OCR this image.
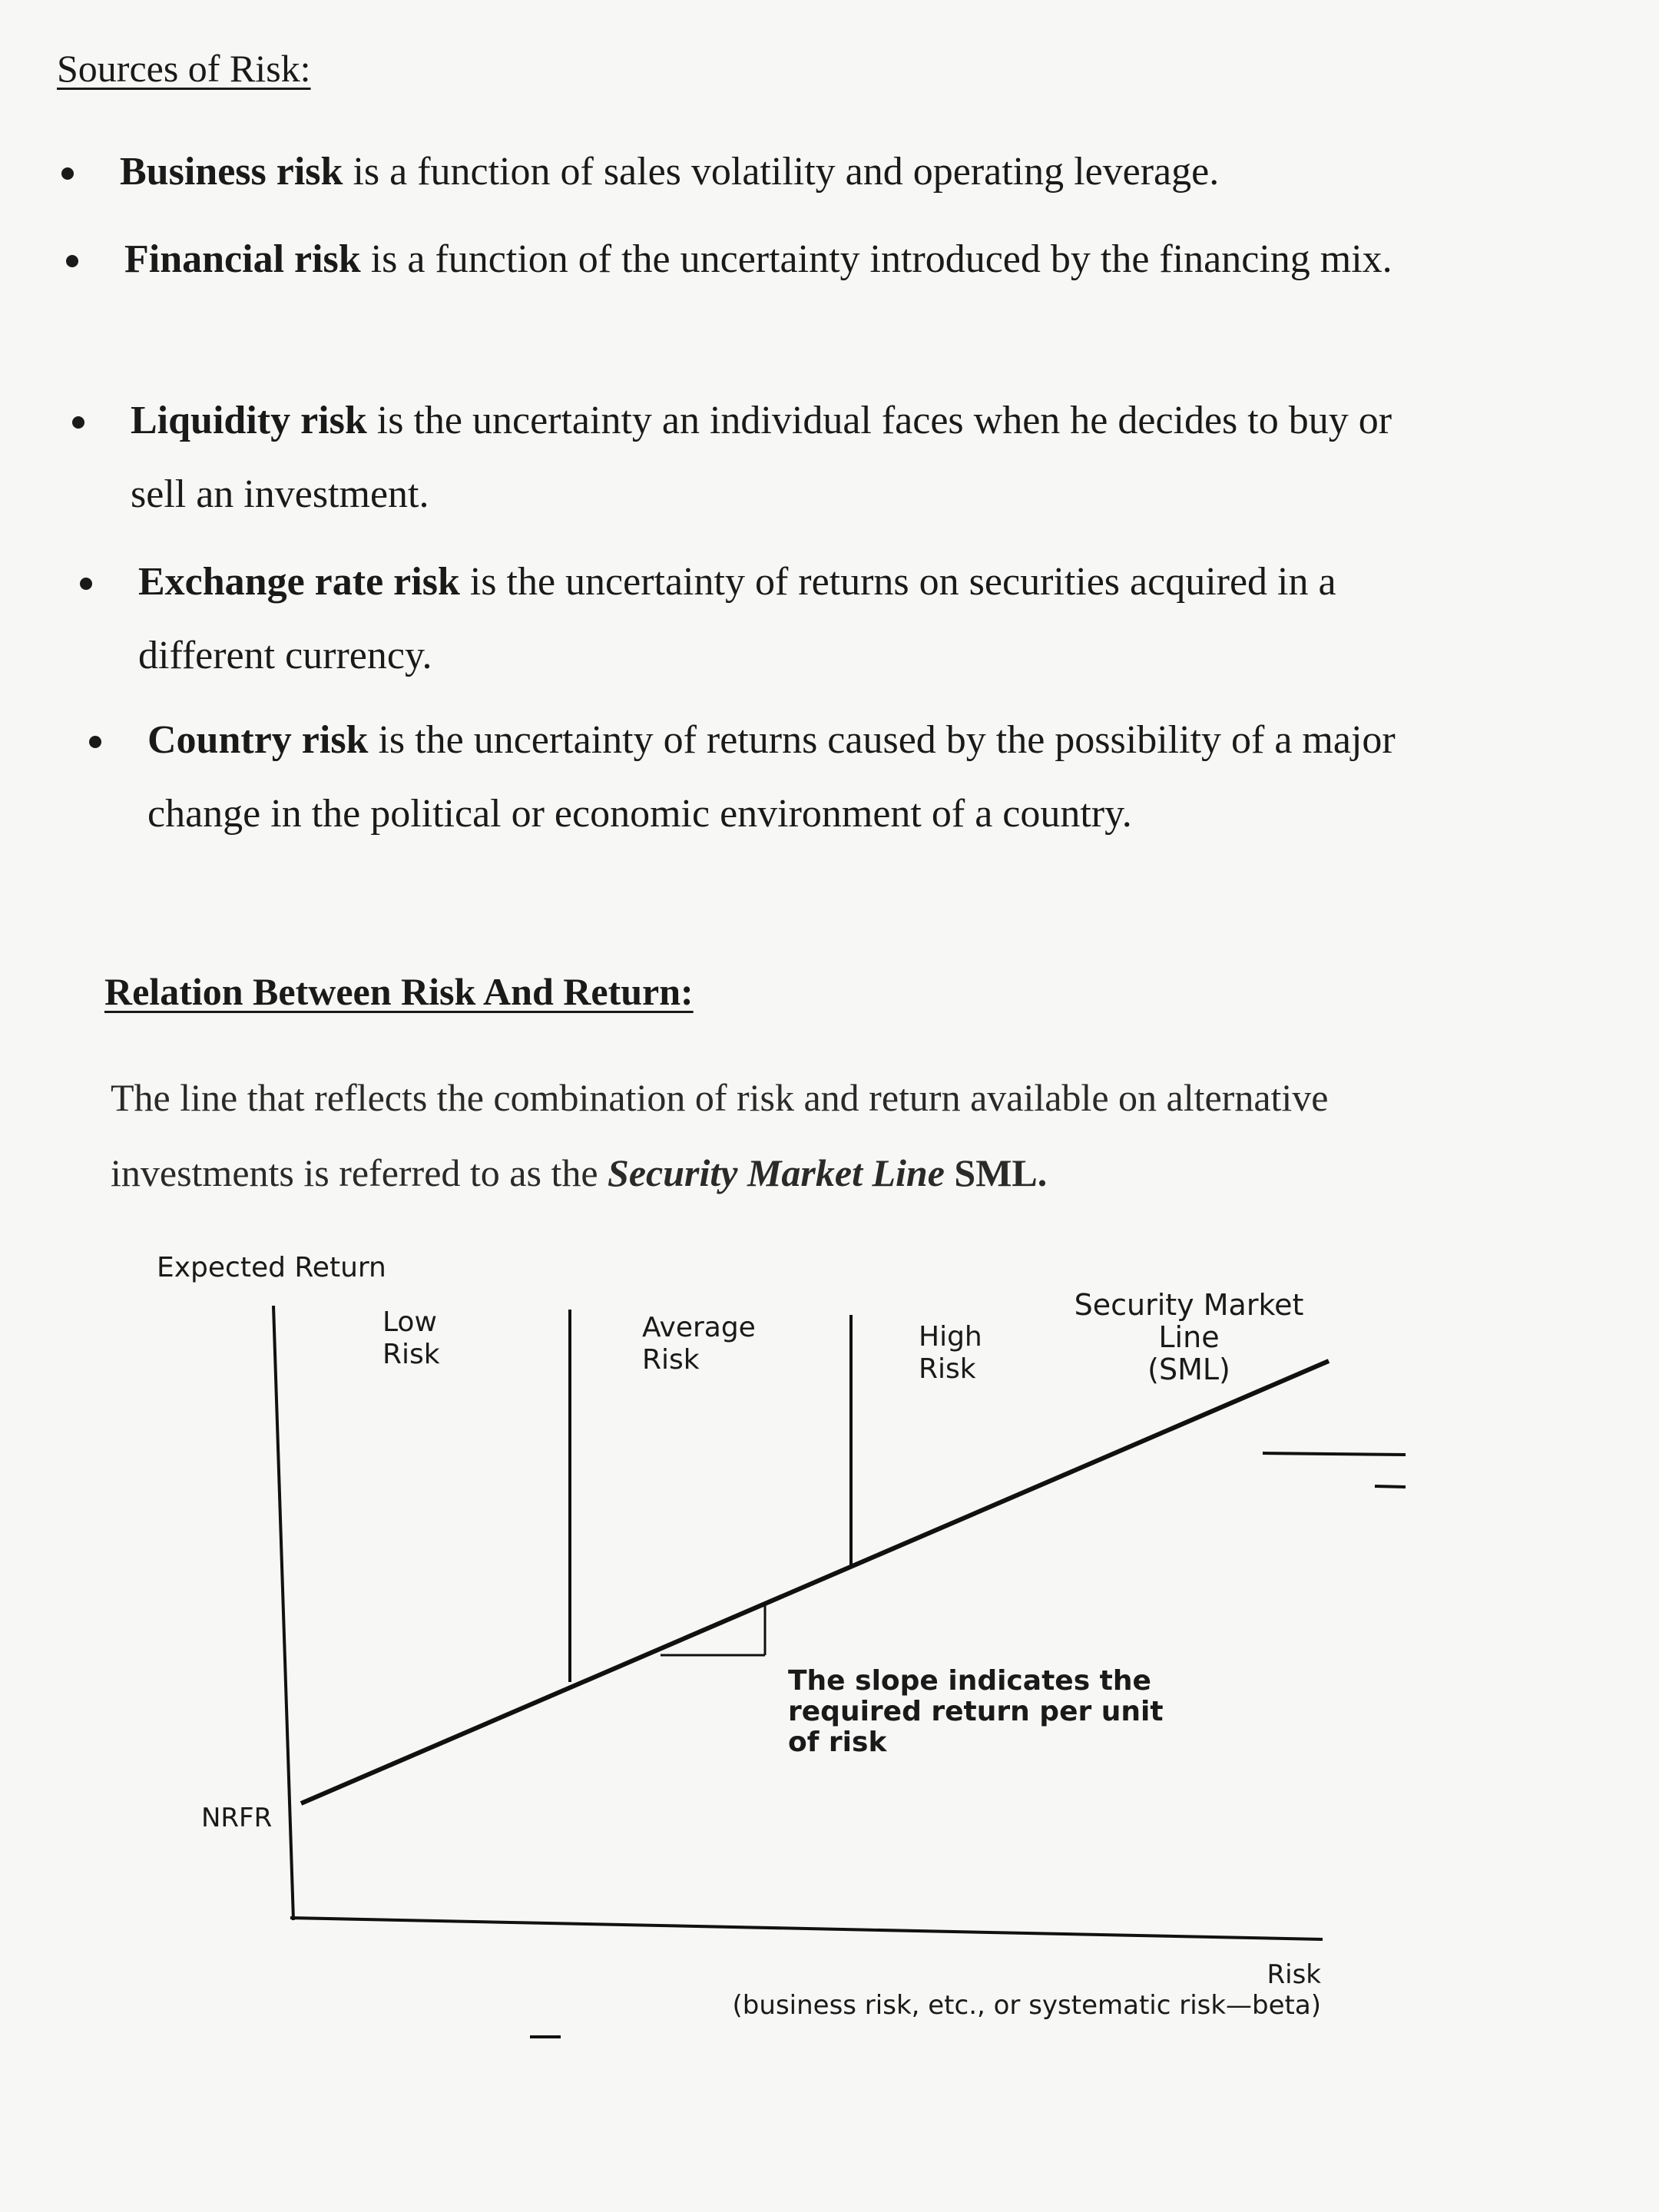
Sources of Risk:
Business risk is a function of sales volatility and operating leverage.
Financial risk is a function of the uncertainty introduced by the financing mix.
Liquidity risk is the uncertainty an individual faces when he decides to buy or sell an investment.
Exchange rate risk is the uncertainty of returns on securities acquired in a different currency.
Country risk is the uncertainty of returns caused by the possibility of a major change in the political or economic environment of a country.
Relation Between Risk And Return:

The line that reflects the combination of risk and return available on alternative investments is referred to as the Security Market Line SML.

Expected Return
NRFR
Low
Risk
Average
Risk
High
Risk
Security Market
Line
(SML)
The slope indicates the
required return per unit
of risk
Risk
(business risk, etc., or systematic risk—beta)
